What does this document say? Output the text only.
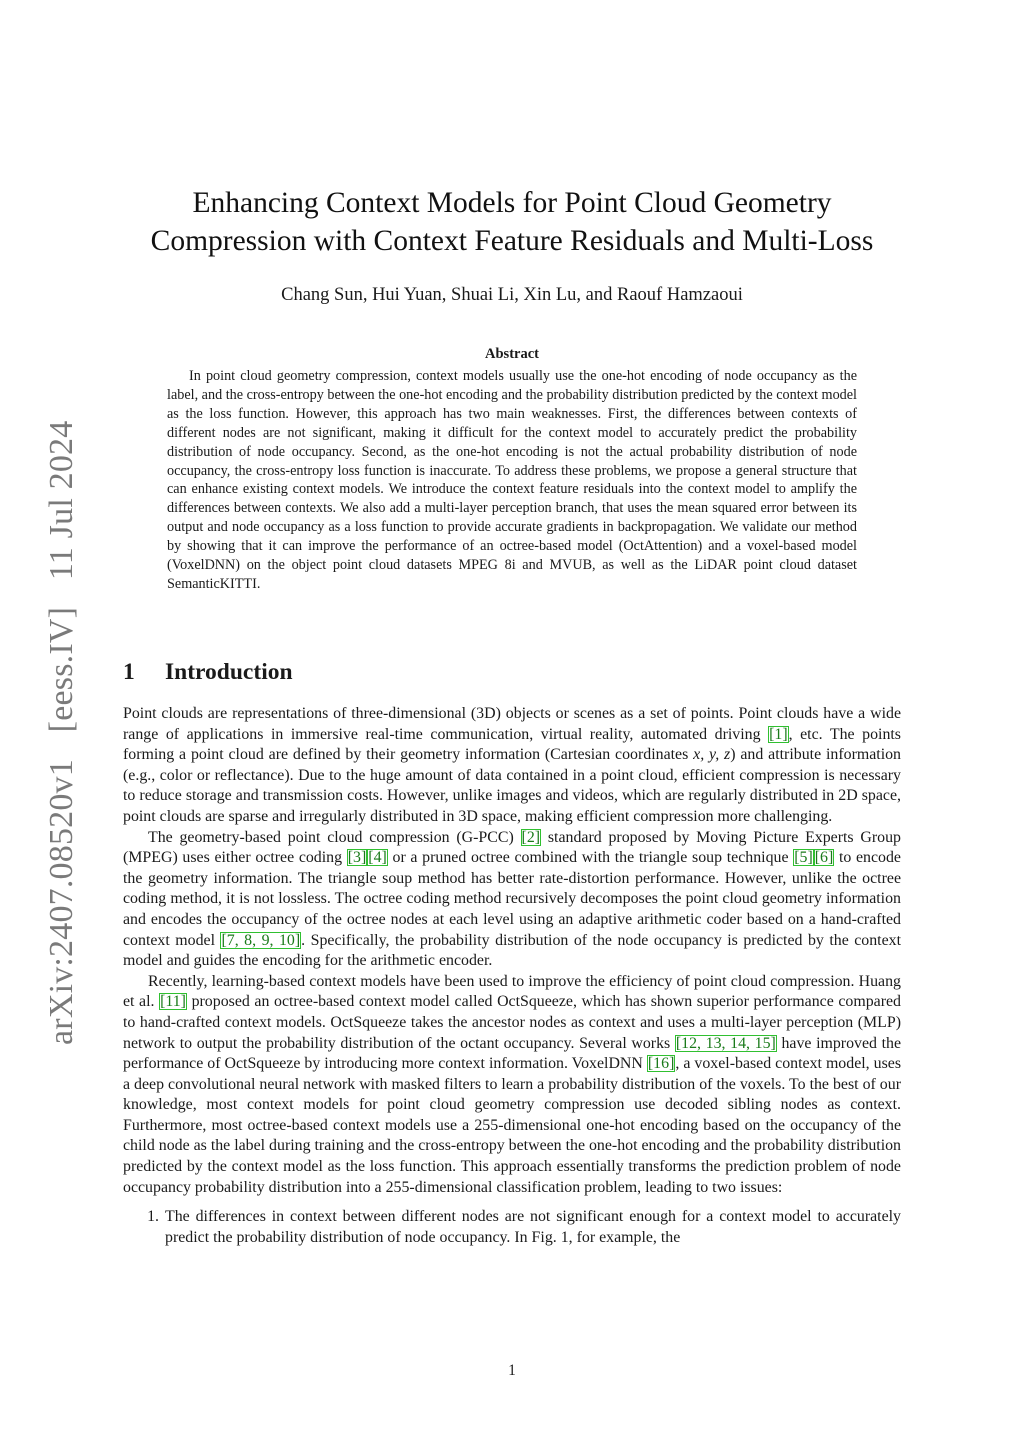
arXiv:2407.08520v1 [eess.IV] 11 Jul 2024
Enhancing Context Models for Point Cloud Geometry
Compression with Context Feature Residuals and Multi-Loss
Chang Sun, Hui Yuan, Shuai Li, Xin Lu, and Raouf Hamzaoui
Abstract
In point cloud geometry compression, context models usually use the one-hot encoding of node occupancy as the label, and the cross-entropy between the one-hot encoding and the probability distribution predicted by the context model as the loss function. However, this approach has two main weaknesses. First, the differences between contexts of different nodes are not significant, making it difficult for the context model to accurately predict the probability distribution of node occupancy. Second, as the one-hot encoding is not the actual probability distribution of node occupancy, the cross-entropy loss function is inaccurate. To address these problems, we propose a general structure that can enhance existing context models. We introduce the context feature residuals into the context model to amplify the differences between contexts. We also add a multi-layer perception branch, that uses the mean squared error between its output and node occupancy as a loss function to provide accurate gradients in backpropagation. We validate our method by showing that it can improve the performance of an octree-based model (OctAttention) and a voxel-based model (VoxelDNN) on the object point cloud datasets MPEG 8i and MVUB, as well as the LiDAR point cloud dataset SemanticKITTI.
1 Introduction

Point clouds are representations of three-dimensional (3D) objects or scenes as a set of points. Point clouds have a wide range of applications in immersive real-time communication, virtual reality, automated driving [1], etc. The points forming a point cloud are defined by their geometry information (Cartesian coordinates x, y, z) and attribute information (e.g., color or reflectance). Due to the huge amount of data contained in a point cloud, efficient compression is necessary to reduce storage and transmission costs. However, unlike images and videos, which are regularly distributed in 2D space, point clouds are sparse and irregularly distributed in 3D space, making efficient compression more challenging.

The geometry-based point cloud compression (G-PCC) [2] standard proposed by Moving Picture Experts Group (MPEG) uses either octree coding [3] [4] or a pruned octree combined with the triangle soup technique [5] [6] to encode the geometry information. The triangle soup method has better rate-distortion performance. However, unlike the octree coding method, it is not lossless. The octree coding method recursively decomposes the point cloud geometry information and encodes the occupancy of the octree nodes at each level using an adaptive arithmetic coder based on a hand-crafted context model [7, 8, 9, 10]. Specifically, the probability distribution of the node occupancy is predicted by the context model and guides the encoding for the arithmetic encoder.

Recently, learning-based context models have been used to improve the efficiency of point cloud compression. Huang et al. [11] proposed an octree-based context model called OctSqueeze, which has shown superior performance compared to hand-crafted context models. OctSqueeze takes the ancestor nodes as context and uses a multi-layer perception (MLP) network to output the probability distribution of the octant occupancy. Several works [12, 13, 14, 15] have improved the performance of OctSqueeze by introducing more context information. VoxelDNN [16], a voxel-based context model, uses a deep convolutional neural network with masked filters to learn a probability distribution of the voxels. To the best of our knowledge, most context models for point cloud geometry compression use decoded sibling nodes as context. Furthermore, most octree-based context models use a 255-dimensional one-hot encoding based on the occupancy of the child node as the label during training and the cross-entropy between the one-hot encoding and the probability distribution predicted by the context model as the loss function. This approach essentially transforms the prediction problem of node occupancy probability distribution into a 255-dimensional classification problem, leading to two issues:

1. The differences in context between different nodes are not significant enough for a context model to accurately predict the probability distribution of node occupancy. In Fig. 1, for example, the
1
